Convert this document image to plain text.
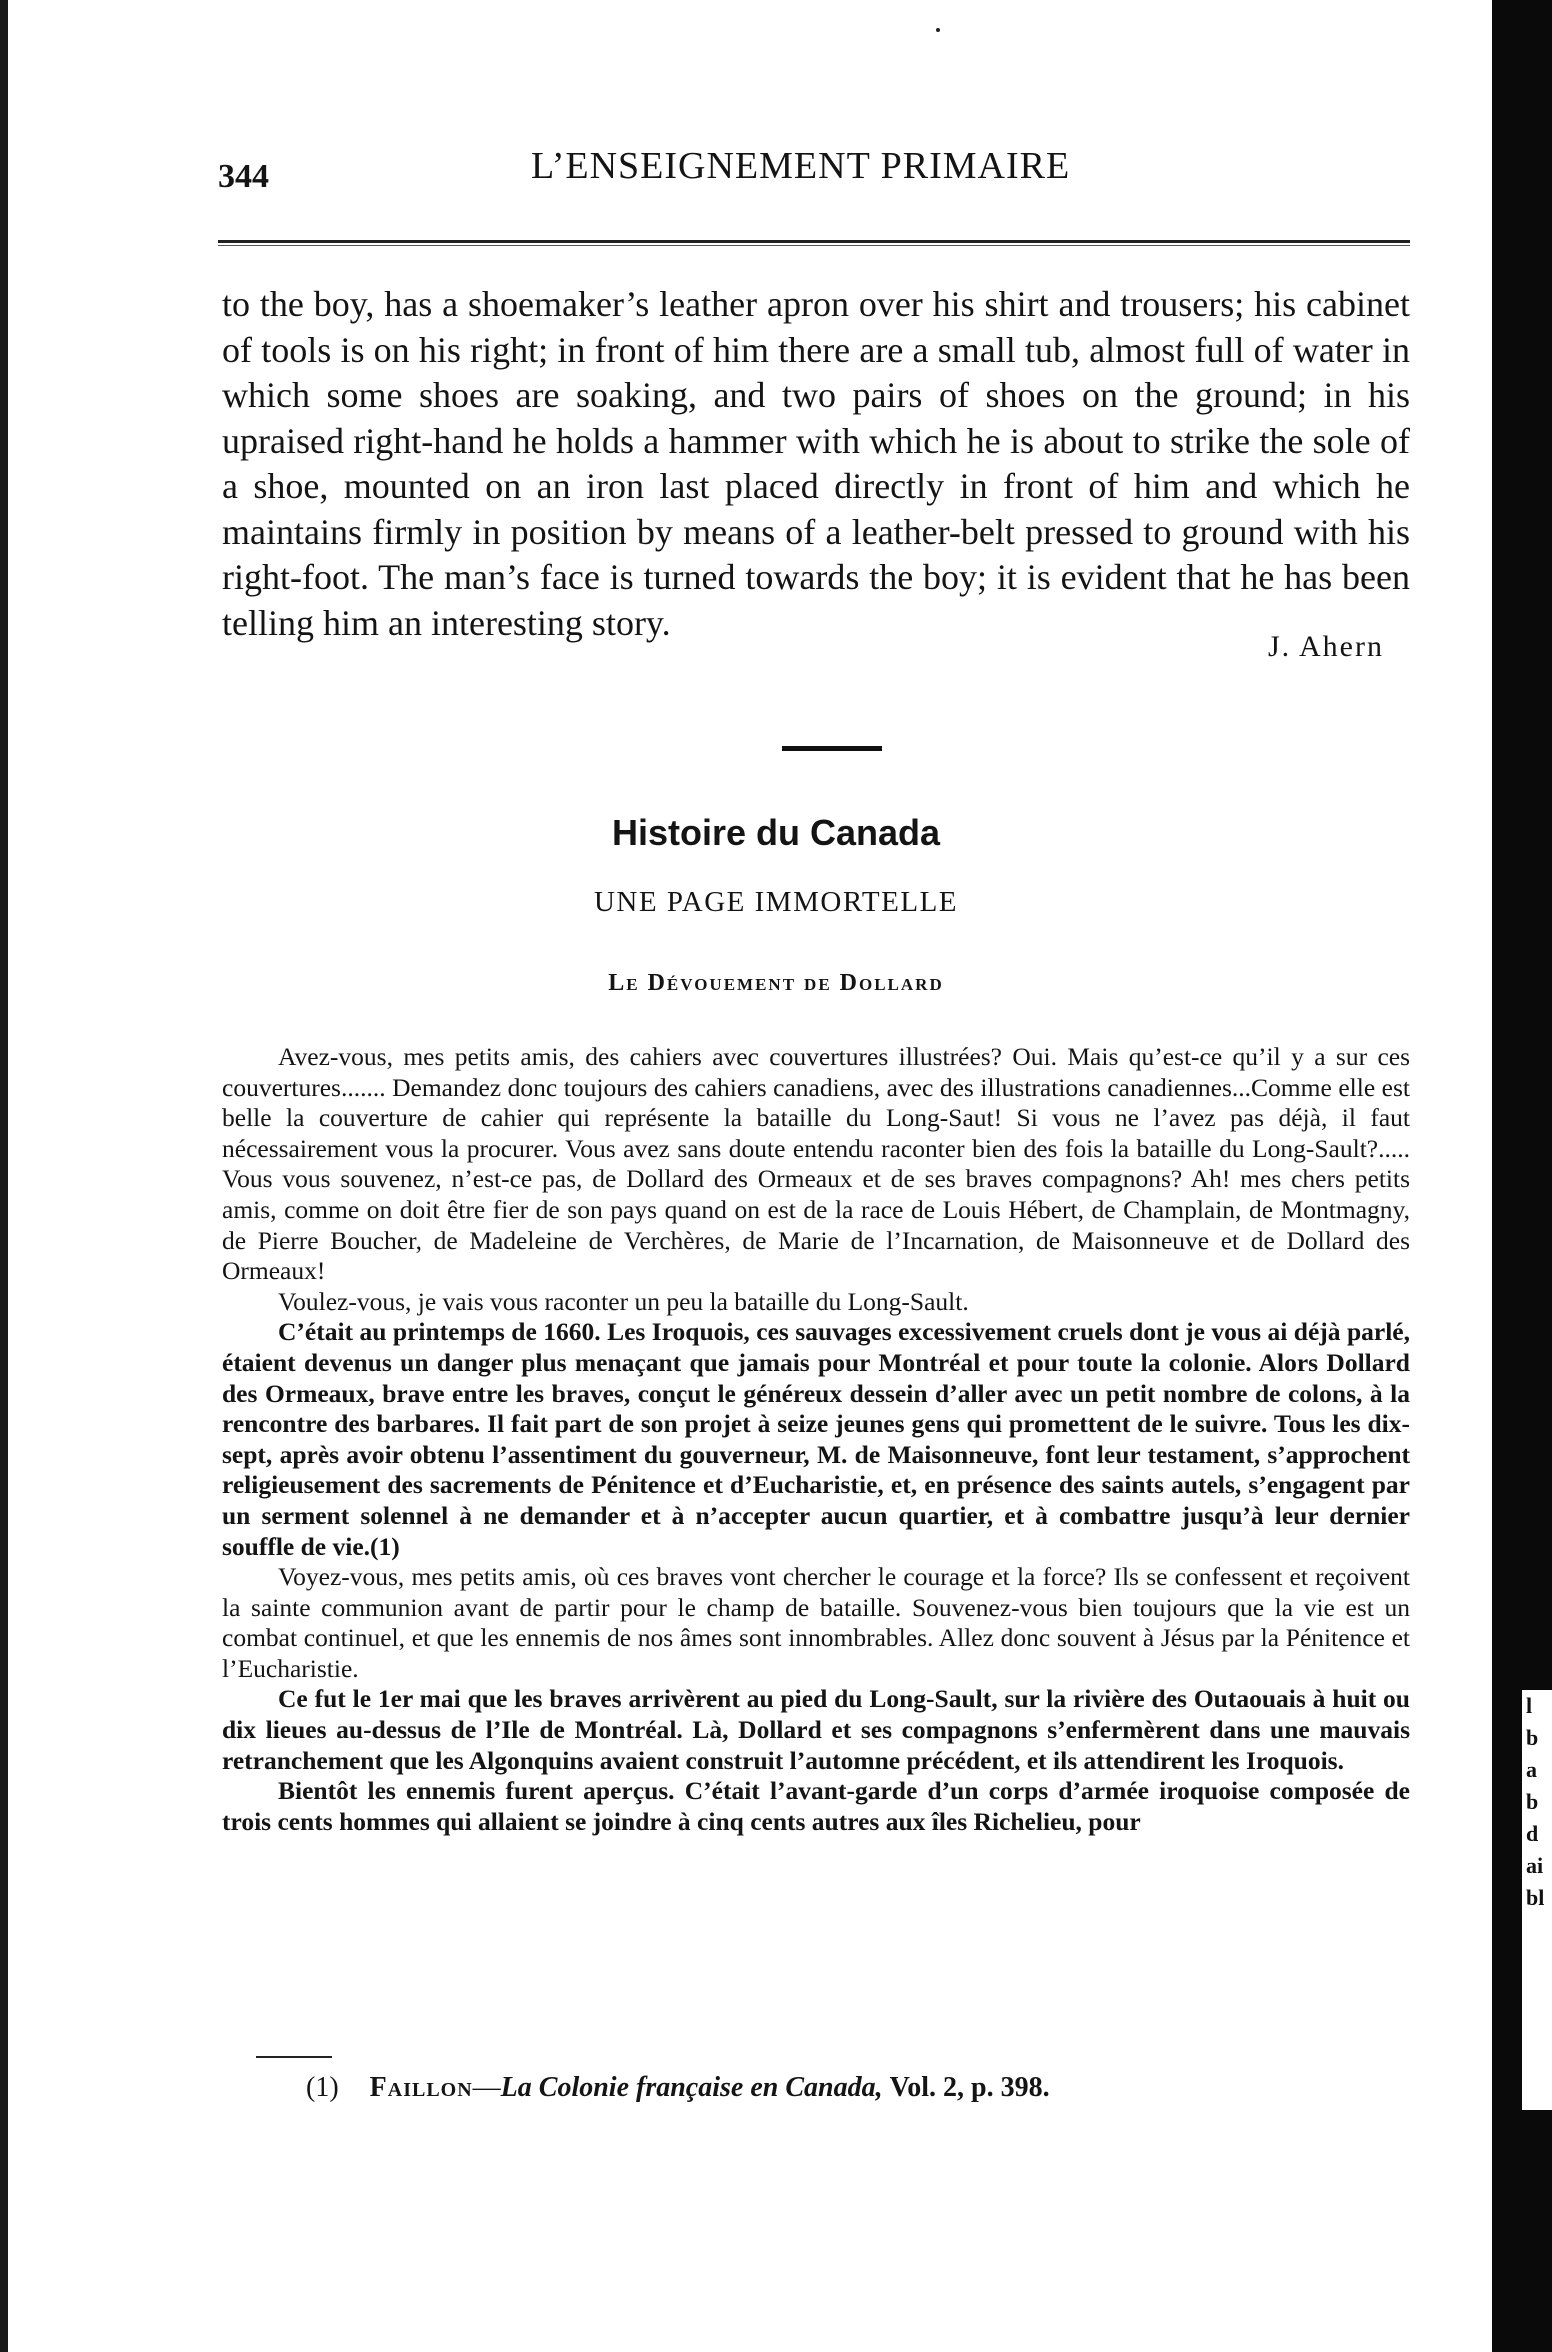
344	L’ENSEIGNEMENT PRIMAIRE
to the boy, has a shoemaker’s leather apron over his shirt and trousers; his cabinet of tools is on his right; in front of him there are a small tub, almost full of water in which some shoes are soaking, and two pairs of shoes on the ground; in his upraised right-hand he holds a hammer with which he is about to strike the sole of a shoe, mounted on an iron last placed directly in front of him and which he maintains firmly in position by means of a leather-belt pressed to ground with his right-foot. The man’s face is turned towards the boy; it is evident that he has been telling him an interesting story.
J. Ahern
Histoire du Canada
UNE PAGE IMMORTELLE
Le Dévouement de Dollard

Avez-vous, mes petits amis, des cahiers avec couvertures illustrées? Oui. Mais qu’est-ce qu’il y a sur ces couvertures....... Demandez donc toujours des cahiers canadiens, avec des illustrations canadiennes...Comme elle est belle la couverture de cahier qui représente la bataille du Long-Saut! Si vous ne l’avez pas déjà, il faut nécessairement vous la procurer. Vous avez sans doute entendu raconter bien des fois la bataille du Long-Sault?..... Vous vous souvenez, n’est-ce pas, de Dollard des Ormeaux et de ses braves compagnons? Ah! mes chers petits amis, comme on doit être fier de son pays quand on est de la race de Louis Hébert, de Champlain, de Montmagny, de Pierre Boucher, de Madeleine de Verchères, de Marie de l’Incarnation, de Maisonneuve et de Dollard des Ormeaux!

Voulez-vous, je vais vous raconter un peu la bataille du Long-Sault.

C’était au printemps de 1660. Les Iroquois, ces sauvages excessivement cruels dont je vous ai déjà parlé, étaient devenus un danger plus menaçant que jamais pour Montréal et pour toute la colonie. Alors Dollard des Ormeaux, brave entre les braves, conçut le généreux dessein d’aller avec un petit nombre de colons, à la rencontre des barbares. Il fait part de son projet à seize jeunes gens qui promettent de le suivre. Tous les dix-sept, après avoir obtenu l’assentiment du gouverneur, M. de Maisonneuve, font leur testament, s’approchent religieusement des sacrements de Pénitence et d’Eucharistie, et, en présence des saints autels, s’engagent par un serment solennel à ne demander et à n’accepter aucun quartier, et à combattre jusqu’à leur dernier souffle de vie.(1)

Voyez-vous, mes petits amis, où ces braves vont chercher le courage et la force? Ils se confessent et reçoivent la sainte communion avant de partir pour le champ de bataille. Souvenez-vous bien toujours que la vie est un combat continuel, et que les ennemis de nos âmes sont innombrables. Allez donc souvent à Jésus par la Pénitence et l’Eucharistie.

Ce fut le 1er mai que les braves arrivèrent au pied du Long-Sault, sur la rivière des Outaouais à huit ou dix lieues au-dessus de l’Ile de Montréal. Là, Dollard et ses compagnons s’enfermèrent dans une mauvais retranchement que les Algonquins avaient construit l’automne précédent, et ils attendirent les Iroquois.

Bientôt les ennemis furent aperçus. C’était l’avant-garde d’un corps d’armée iroquoise composée de trois cents hommes qui allaient se joindre à cinq cents autres aux îles Richelieu, pour

(1) Faillon—La Colonie française en Canada, Vol. 2, p. 398.
l
b
a
b
d
ai
bl
